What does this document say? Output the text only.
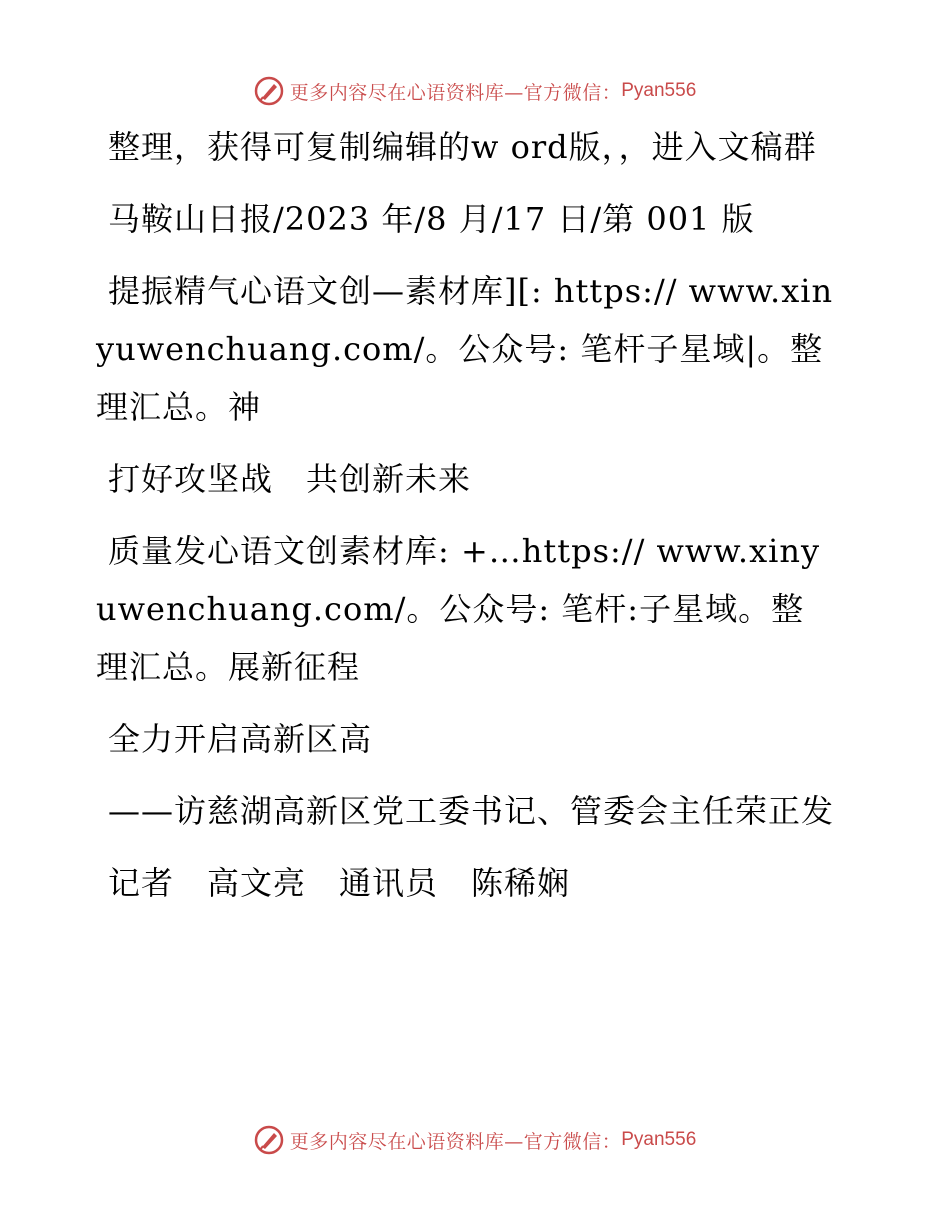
更多内容尽在心语资料库—官方微信： Pyan556

整理，获得可复制编辑的w ord版，，进入文稿群

马鞍山日报/2023 年/8 月/17 日/第 001 版

提振精气心语文创—素材库][: https:// www.xinyuwenchuang.com/。公众号: 笔杆子星域|。整理汇总。神

打好攻坚战　共创新未来

质量发心语文创素材库: +…https:// www.xinyuwenchuang.com/。公众号: 笔杆:子星域。整理汇总。展新征程

全力开启高新区高

——访慈湖高新区党工委书记、管委会主任荣正发

记者　高文亮　通讯员　陈稀娴

更多内容尽在心语资料库—官方微信： Pyan556
